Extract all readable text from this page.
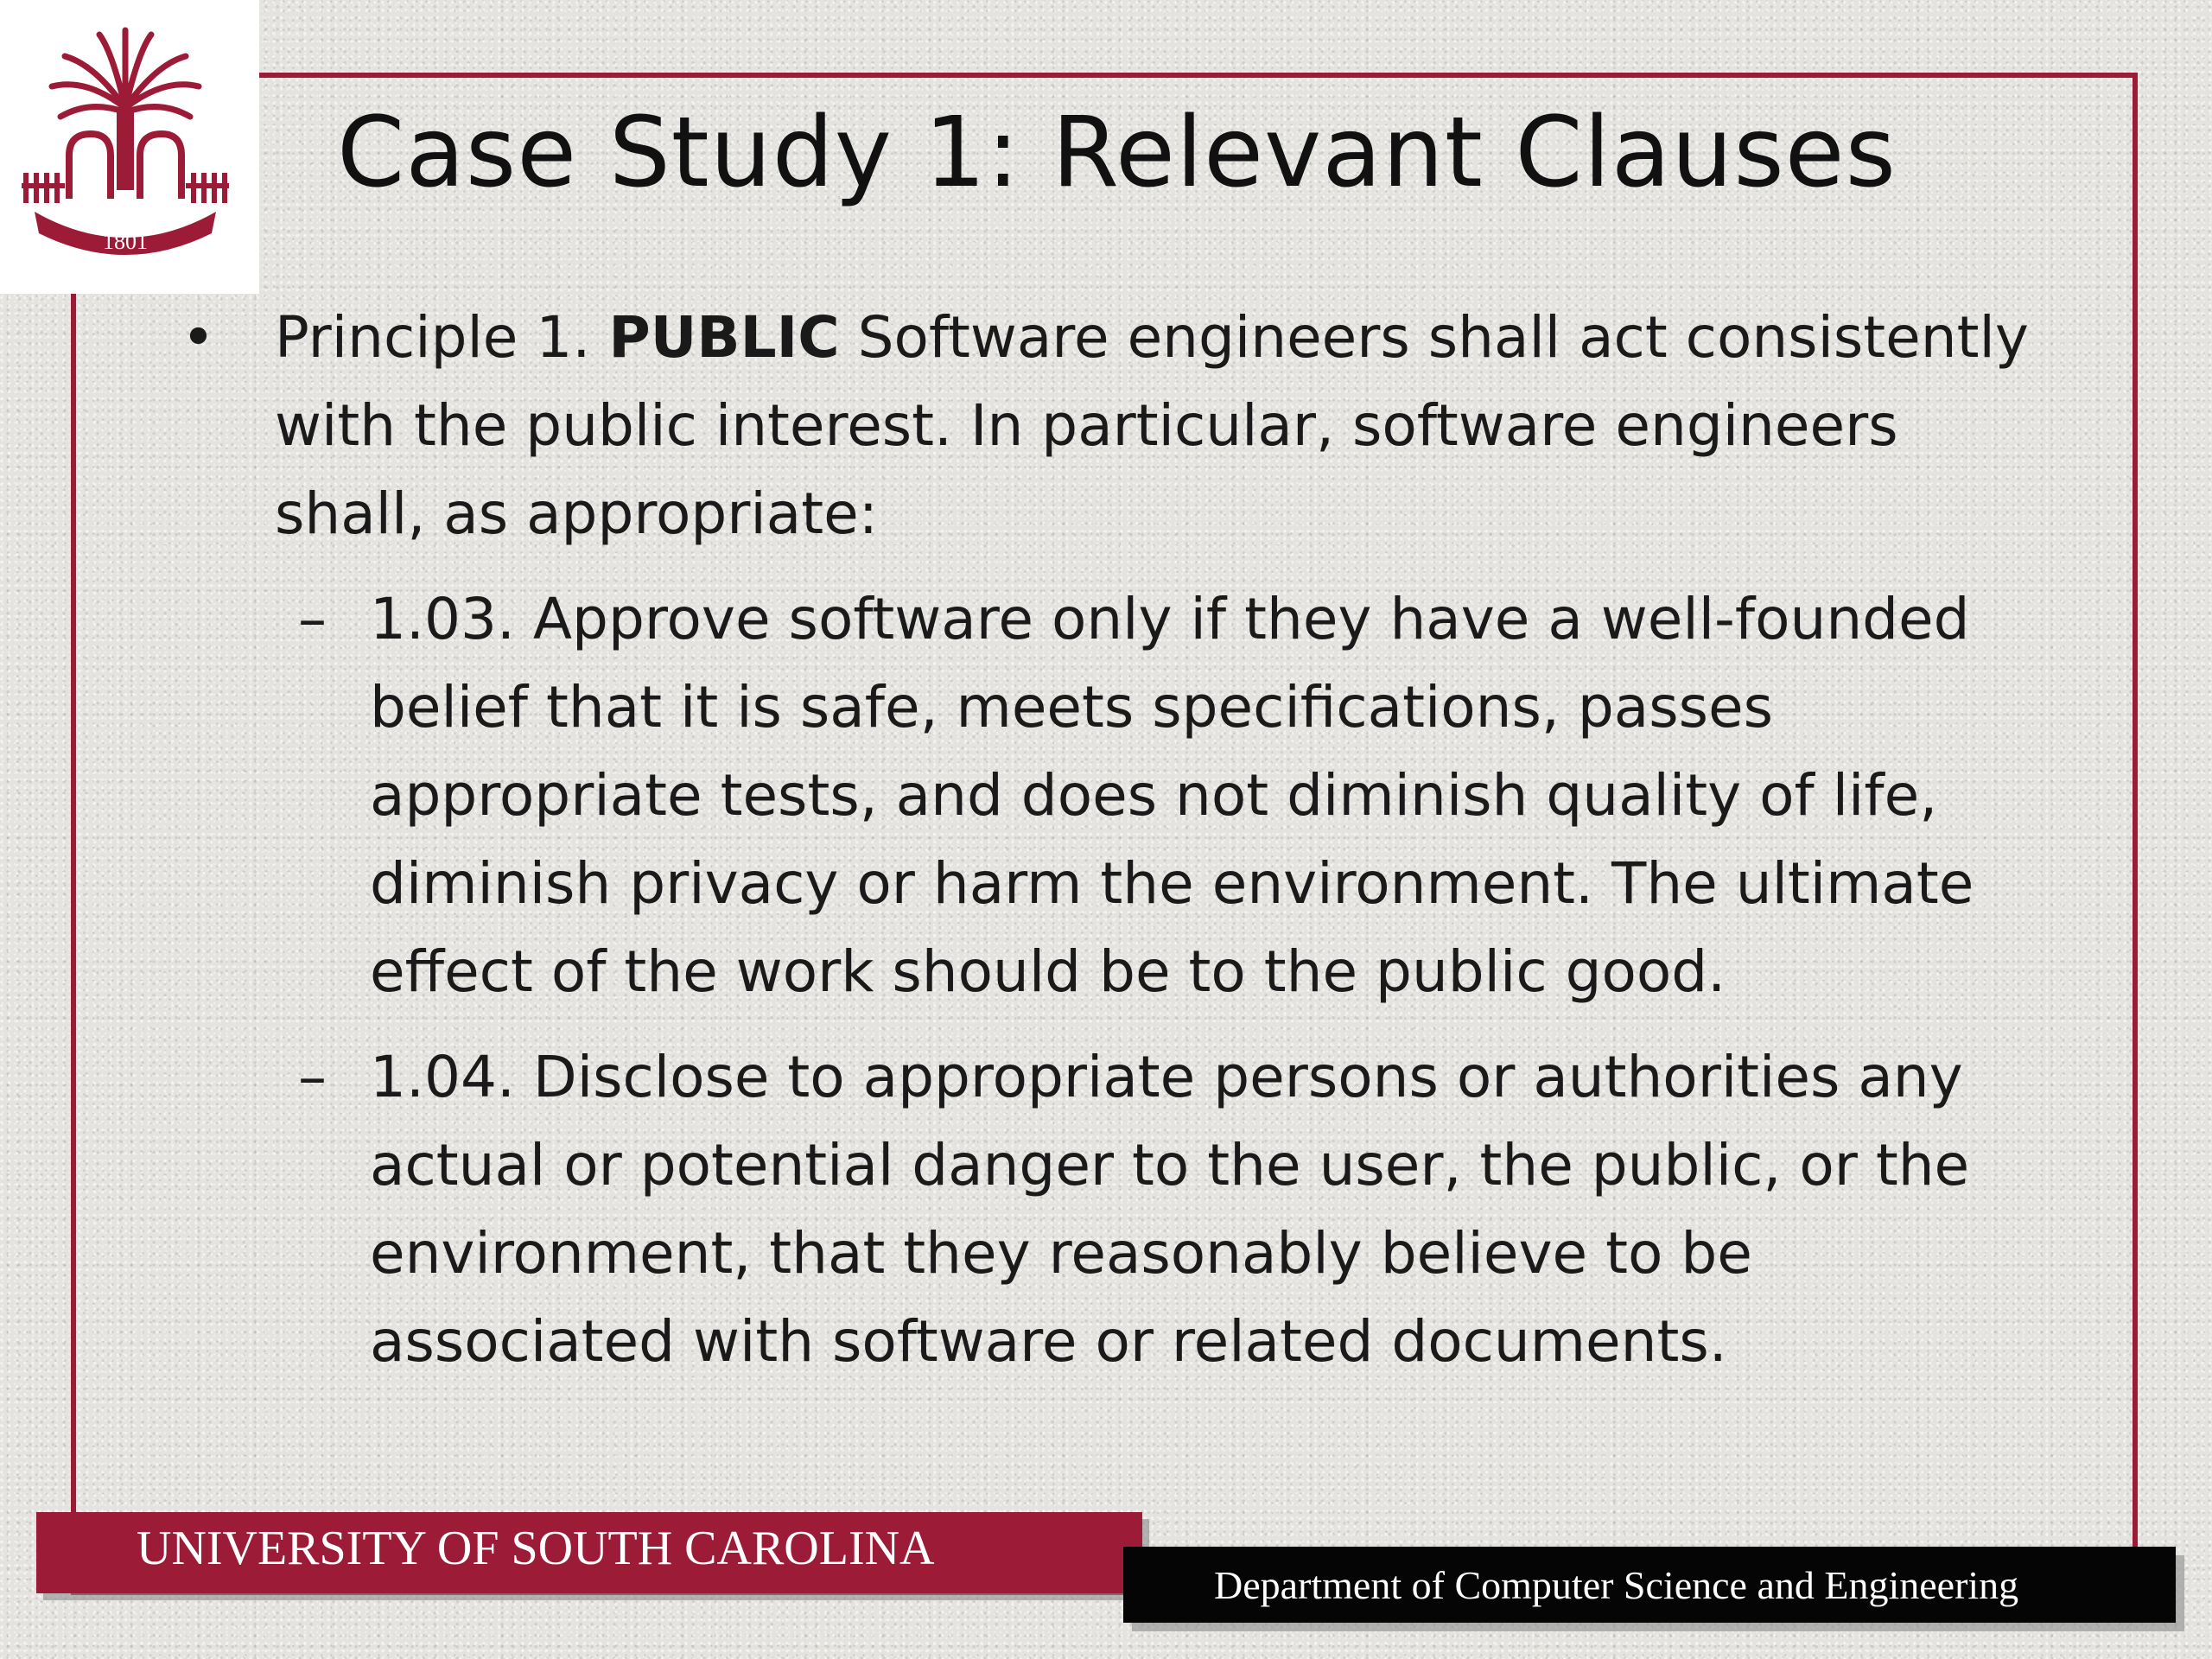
1801
Case Study 1: Relevant Clauses
• Principle 1. PUBLIC Software engineers shall act consistently with the public interest. In particular, software engineers shall, as appropriate:
– 1.03. Approve software only if they have a well-founded belief that it is safe, meets specifications, passes appropriate tests, and does not diminish quality of life, diminish privacy or harm the environment. The ultimate effect of the work should be to the public good.
– 1.04. Disclose to appropriate persons or authorities any actual or potential danger to the user, the public, or the environment, that they reasonably believe to be associated with software or related documents.
UNIVERSITY OF SOUTH CAROLINA
Department of Computer Science and Engineering
